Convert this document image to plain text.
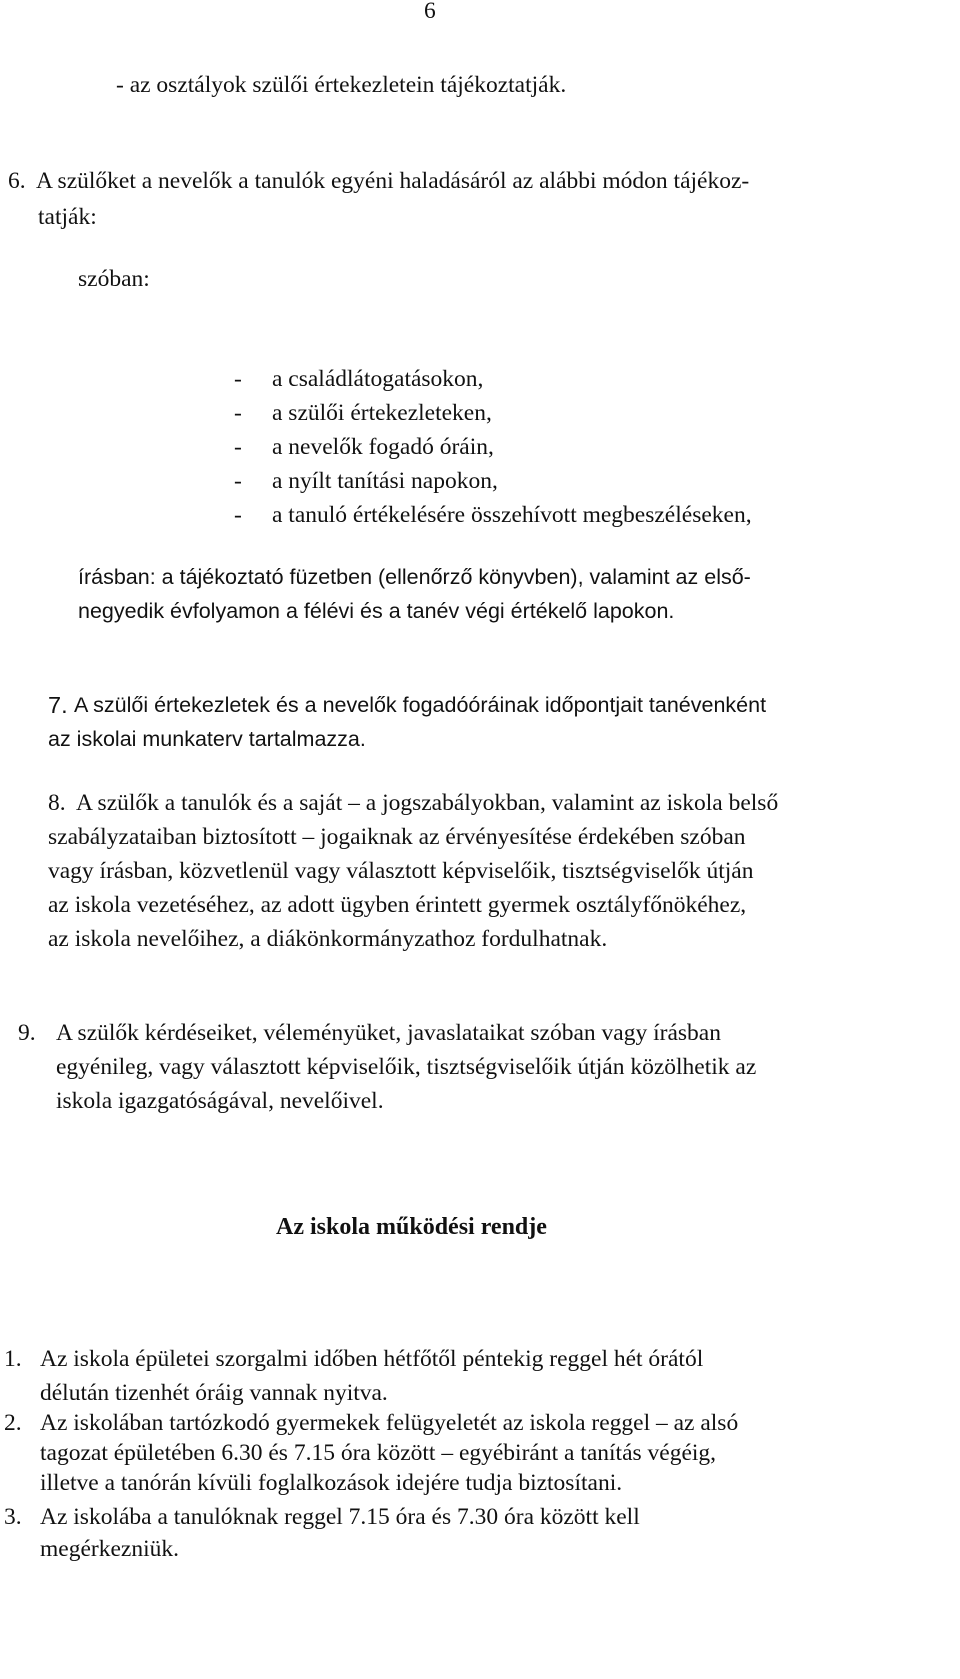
6
- az osztályok szülői értekezletein tájékoztatják.
6. A szülőket a nevelők a tanulók egyéni haladásáról az alábbi módon tájékoz-
tatják:
szóban:
- a családlátogatásokon,
- a szülői értekezleteken,
- a nevelők fogadó óráin,
- a nyílt tanítási napokon,
- a tanuló értékelésére összehívott megbeszéléseken,
írásban: a tájékoztató füzetben (ellenőrző könyvben), valamint az első-
negyedik évfolyamon a félévi és a tanév végi értékelő lapokon.
7. A szülői értekezletek és a nevelők fogadóóráinak időpontjait tanévenként
az iskolai munkaterv tartalmazza.
8. A szülők a tanulók és a saját – a jogszabályokban, valamint az iskola belső
szabályzataiban biztosított – jogaiknak az érvényesítése érdekében szóban
vagy írásban, közvetlenül vagy választott képviselőik, tisztségviselők útján
az iskola vezetéséhez, az adott ügyben érintett gyermek osztályfőnökéhez,
az iskola nevelőihez, a diákönkormányzathoz fordulhatnak.
9. A szülők kérdéseiket, véleményüket, javaslataikat szóban vagy írásban
egyénileg, vagy választott képviselőik, tisztségviselőik útján közölhetik az
iskola igazgatóságával, nevelőivel.
Az iskola működési rendje
1. Az iskola épületei szorgalmi időben hétfőtől péntekig reggel hét órától
délután tizenhét óráig vannak nyitva.
2. Az iskolában tartózkodó gyermekek felügyeletét az iskola reggel – az alsó
tagozat épületében 6.30 és 7.15 óra között – egyébiránt a tanítás végéig,
illetve a tanórán kívüli foglalkozások idejére tudja biztosítani.
3. Az iskolába a tanulóknak reggel 7.15 óra és 7.30 óra között kell
megérkezniük.
